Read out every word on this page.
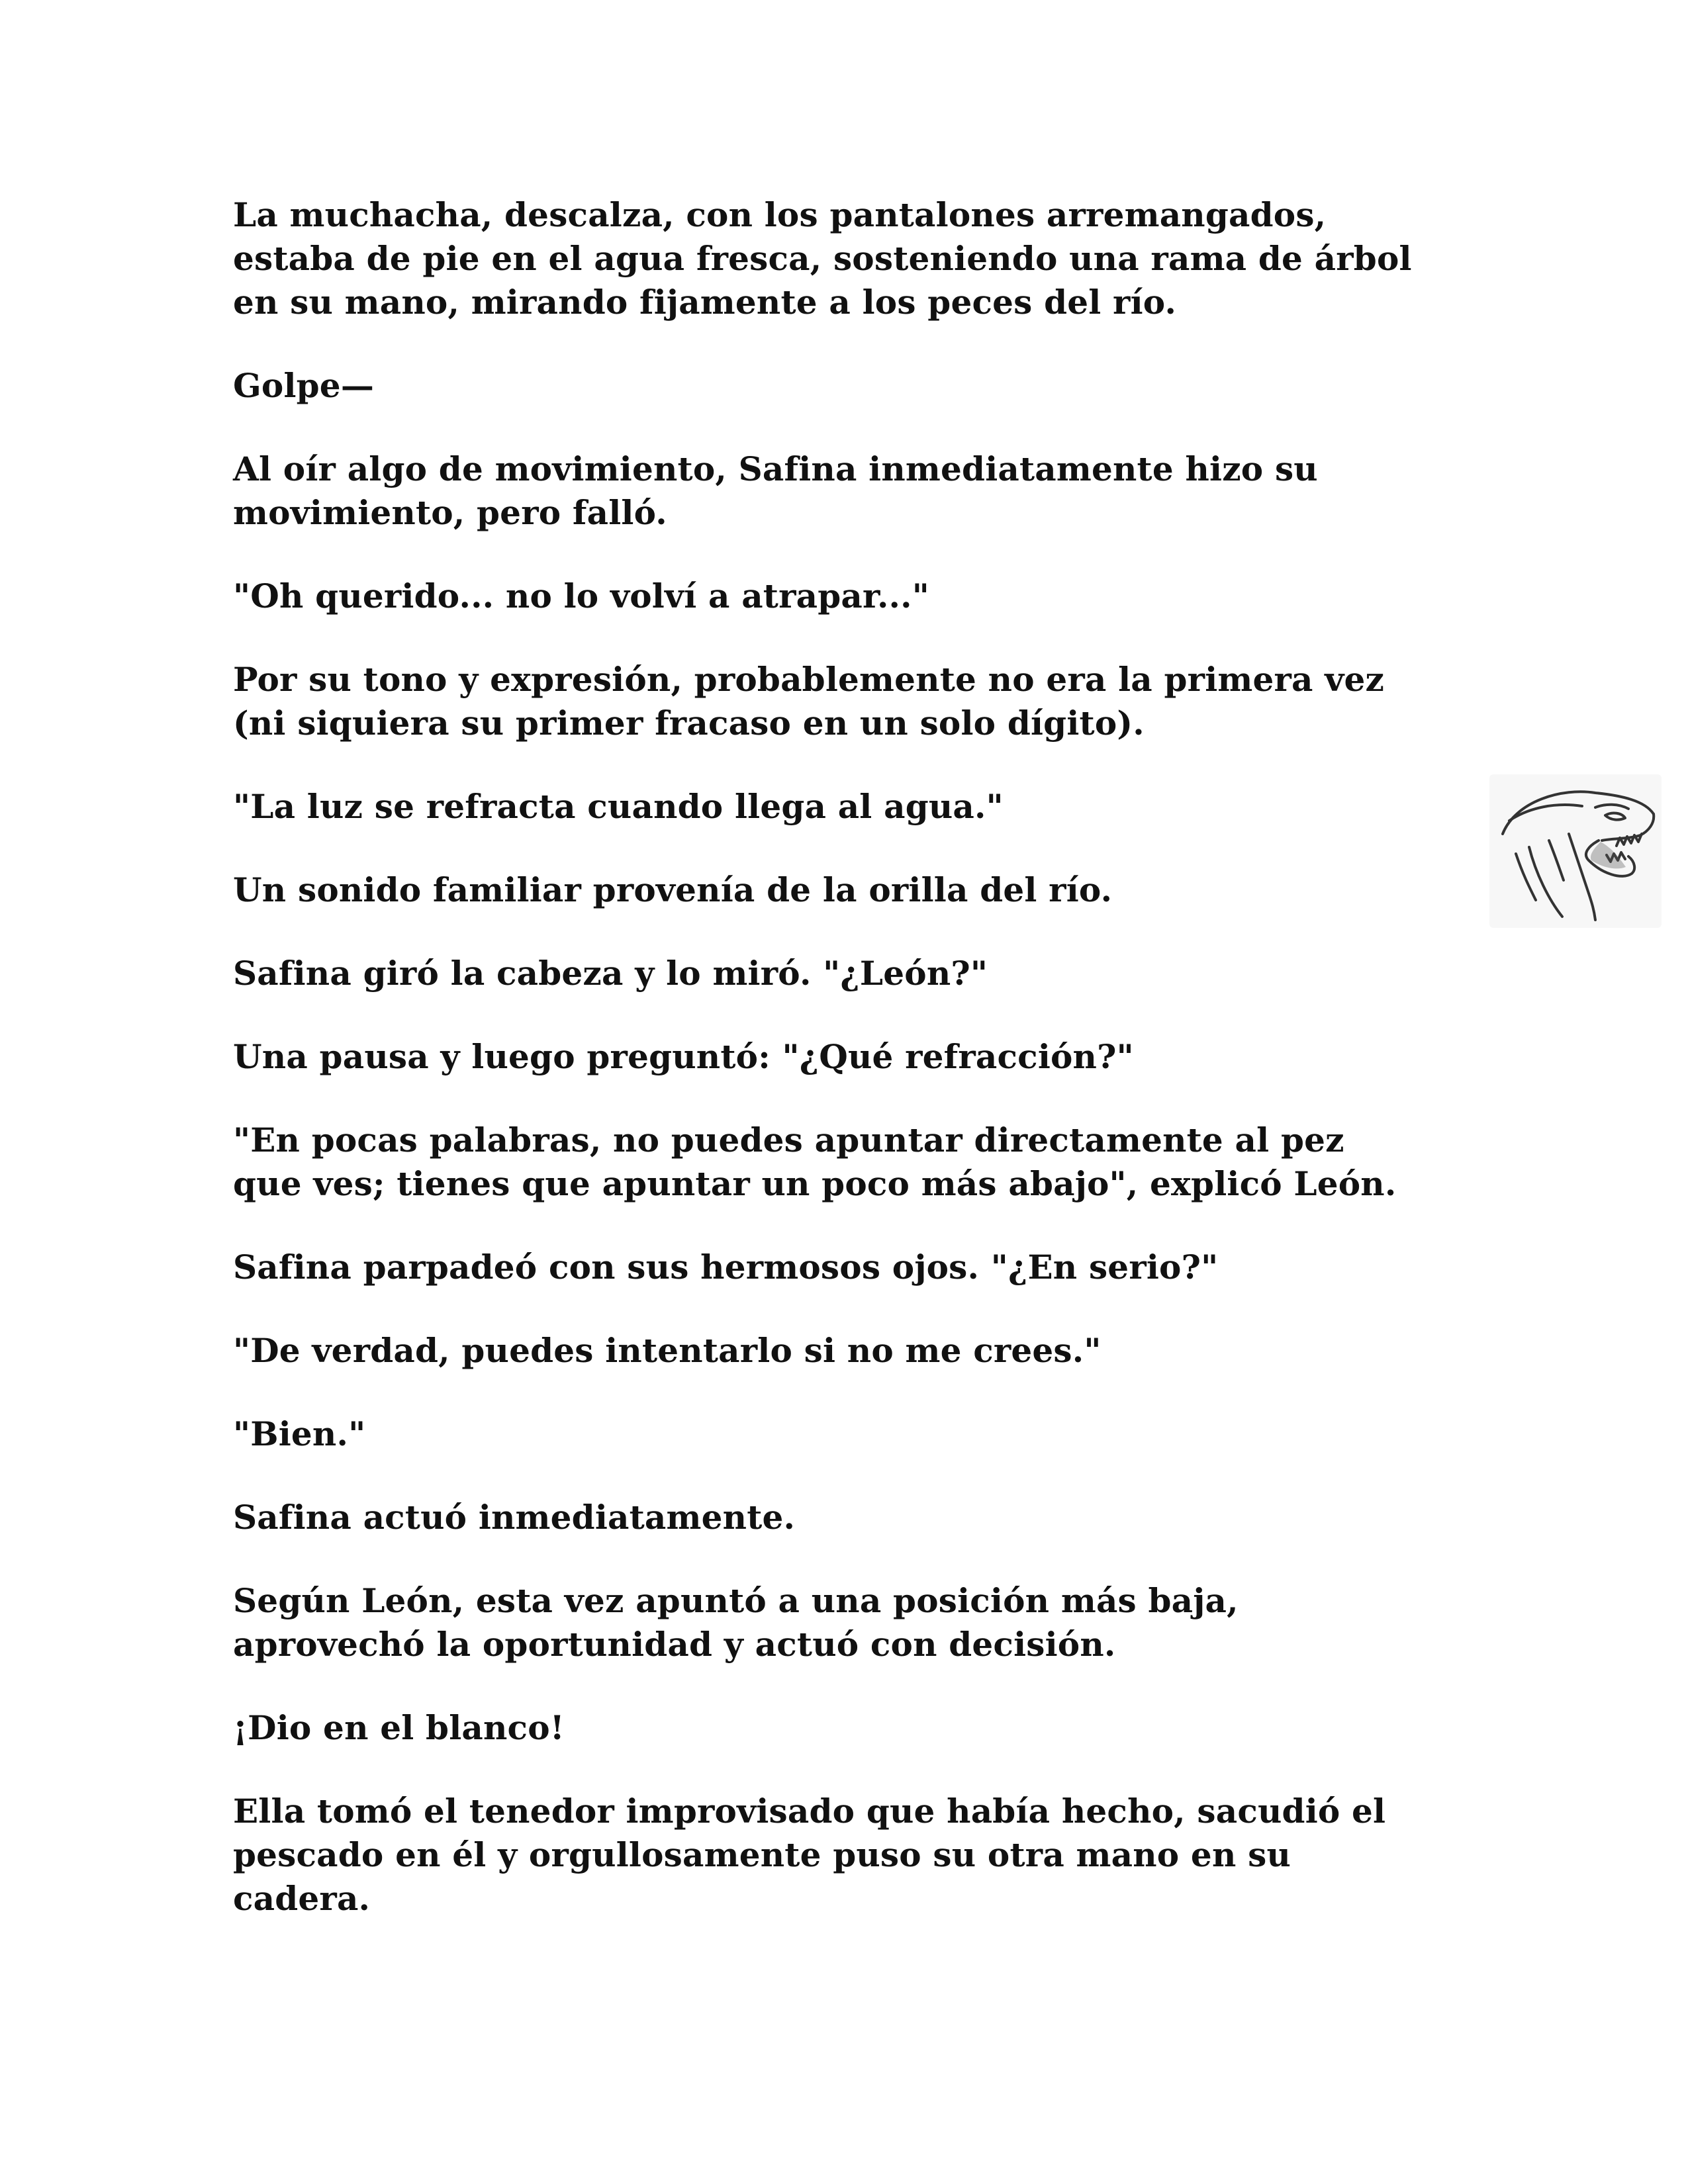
La muchacha, descalza, con los pantalones arremangados,
estaba de pie en el agua fresca, sosteniendo una rama de árbol
en su mano, mirando fijamente a los peces del río.

Golpe—

Al oír algo de movimiento, Safina inmediatamente hizo su
movimiento, pero falló.

"Oh querido... no lo volví a atrapar..."

Por su tono y expresión, probablemente no era la primera vez
(ni siquiera su primer fracaso en un solo dígito).

"La luz se refracta cuando llega al agua."

Un sonido familiar provenía de la orilla del río.

Safina giró la cabeza y lo miró. "¿León?"

Una pausa y luego preguntó: "¿Qué refracción?"

"En pocas palabras, no puedes apuntar directamente al pez
que ves; tienes que apuntar un poco más abajo", explicó León.

Safina parpadeó con sus hermosos ojos. "¿En serio?"

"De verdad, puedes intentarlo si no me crees."

"Bien."

Safina actuó inmediatamente.

Según León, esta vez apuntó a una posición más baja,
aprovechó la oportunidad y actuó con decisión.

¡Dio en el blanco!

Ella tomó el tenedor improvisado que había hecho, sacudió el
pescado en él y orgullosamente puso su otra mano en su
cadera.
